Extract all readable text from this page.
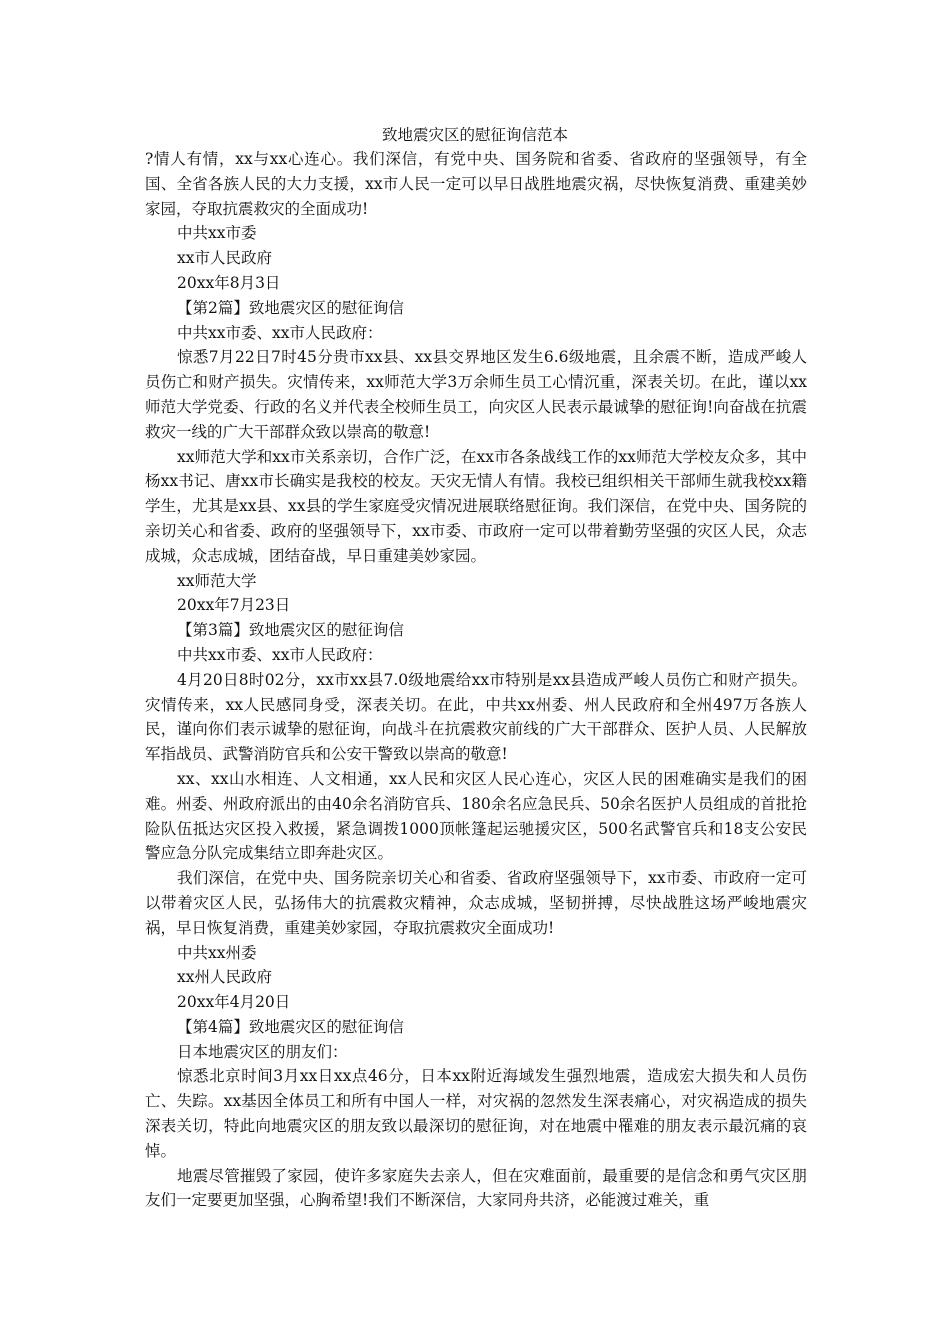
致地震灾区的慰征询信范本

?情人有情，xx与xx心连心。我们深信，有党中央、国务院和省委、省政府的坚强领导，有全国、全省各族人民的大力支援，xx市人民一定可以早日战胜地震灾祸，尽快恢复消费、重建美妙家园，夺取抗震救灾的全面成功!

中共xx市委

xx市人民政府

20xx年8月3日

【第2篇】致地震灾区的慰征询信

中共xx市委、xx市人民政府：

惊悉7月22日7时45分贵市xx县、xx县交界地区发生6.6级地震，且余震不断，造成严峻人员伤亡和财产损失。灾情传来，xx师范大学3万余师生员工心情沉重，深表关切。在此，谨以xx师范大学党委、行政的名义并代表全校师生员工，向灾区人民表示最诚挚的慰征询!向奋战在抗震救灾一线的广大干部群众致以崇高的敬意!

xx师范大学和xx市关系亲切，合作广泛，在xx市各条战线工作的xx师范大学校友众多，其中杨xx书记、唐xx市长确实是我校的校友。天灾无情人有情。我校已组织相关干部师生就我校xx籍学生，尤其是xx县、xx县的学生家庭受灾情况进展联络慰征询。我们深信，在党中央、国务院的亲切关心和省委、政府的坚强领导下，xx市委、市政府一定可以带着勤劳坚强的灾区人民，众志成城，众志成城，团结奋战，早日重建美妙家园。

xx师范大学

20xx年7月23日

【第3篇】致地震灾区的慰征询信

中共xx市委、xx市人民政府：

4月20日8时02分，xx市xx县7.0级地震给xx市特别是xx县造成严峻人员伤亡和财产损失。灾情传来，xx人民感同身受，深表关切。在此，中共xx州委、州人民政府和全州497万各族人民，谨向你们表示诚挚的慰征询，向战斗在抗震救灾前线的广大干部群众、医护人员、人民解放军指战员、武警消防官兵和公安干警致以崇高的敬意!

xx、xx山水相连、人文相通，xx人民和灾区人民心连心，灾区人民的困难确实是我们的困难。州委、州政府派出的由40余名消防官兵、180余名应急民兵、50余名医护人员组成的首批抢险队伍抵达灾区投入救援，紧急调拨1000顶帐篷起运驰援灾区，500名武警官兵和18支公安民警应急分队完成集结立即奔赴灾区。

我们深信，在党中央、国务院亲切关心和省委、省政府坚强领导下，xx市委、市政府一定可以带着灾区人民，弘扬伟大的抗震救灾精神，众志成城，坚韧拼搏，尽快战胜这场严峻地震灾祸，早日恢复消费，重建美妙家园，夺取抗震救灾全面成功!

中共xx州委

xx州人民政府

20xx年4月20日

【第4篇】致地震灾区的慰征询信

日本地震灾区的朋友们：

惊悉北京时间3月xx日xx点46分，日本xx附近海域发生强烈地震，造成宏大损失和人员伤亡、失踪。xx基因全体员工和所有中国人一样，对灾祸的忽然发生深表痛心，对灾祸造成的损失深表关切，特此向地震灾区的朋友致以最深切的慰征询，对在地震中罹难的朋友表示最沉痛的哀悼。

地震尽管摧毁了家园，使许多家庭失去亲人，但在灾难面前，最重要的是信念和勇气灾区朋友们一定要更加坚强，心胸希望!我们不断深信，大家同舟共济，必能渡过难关，重
